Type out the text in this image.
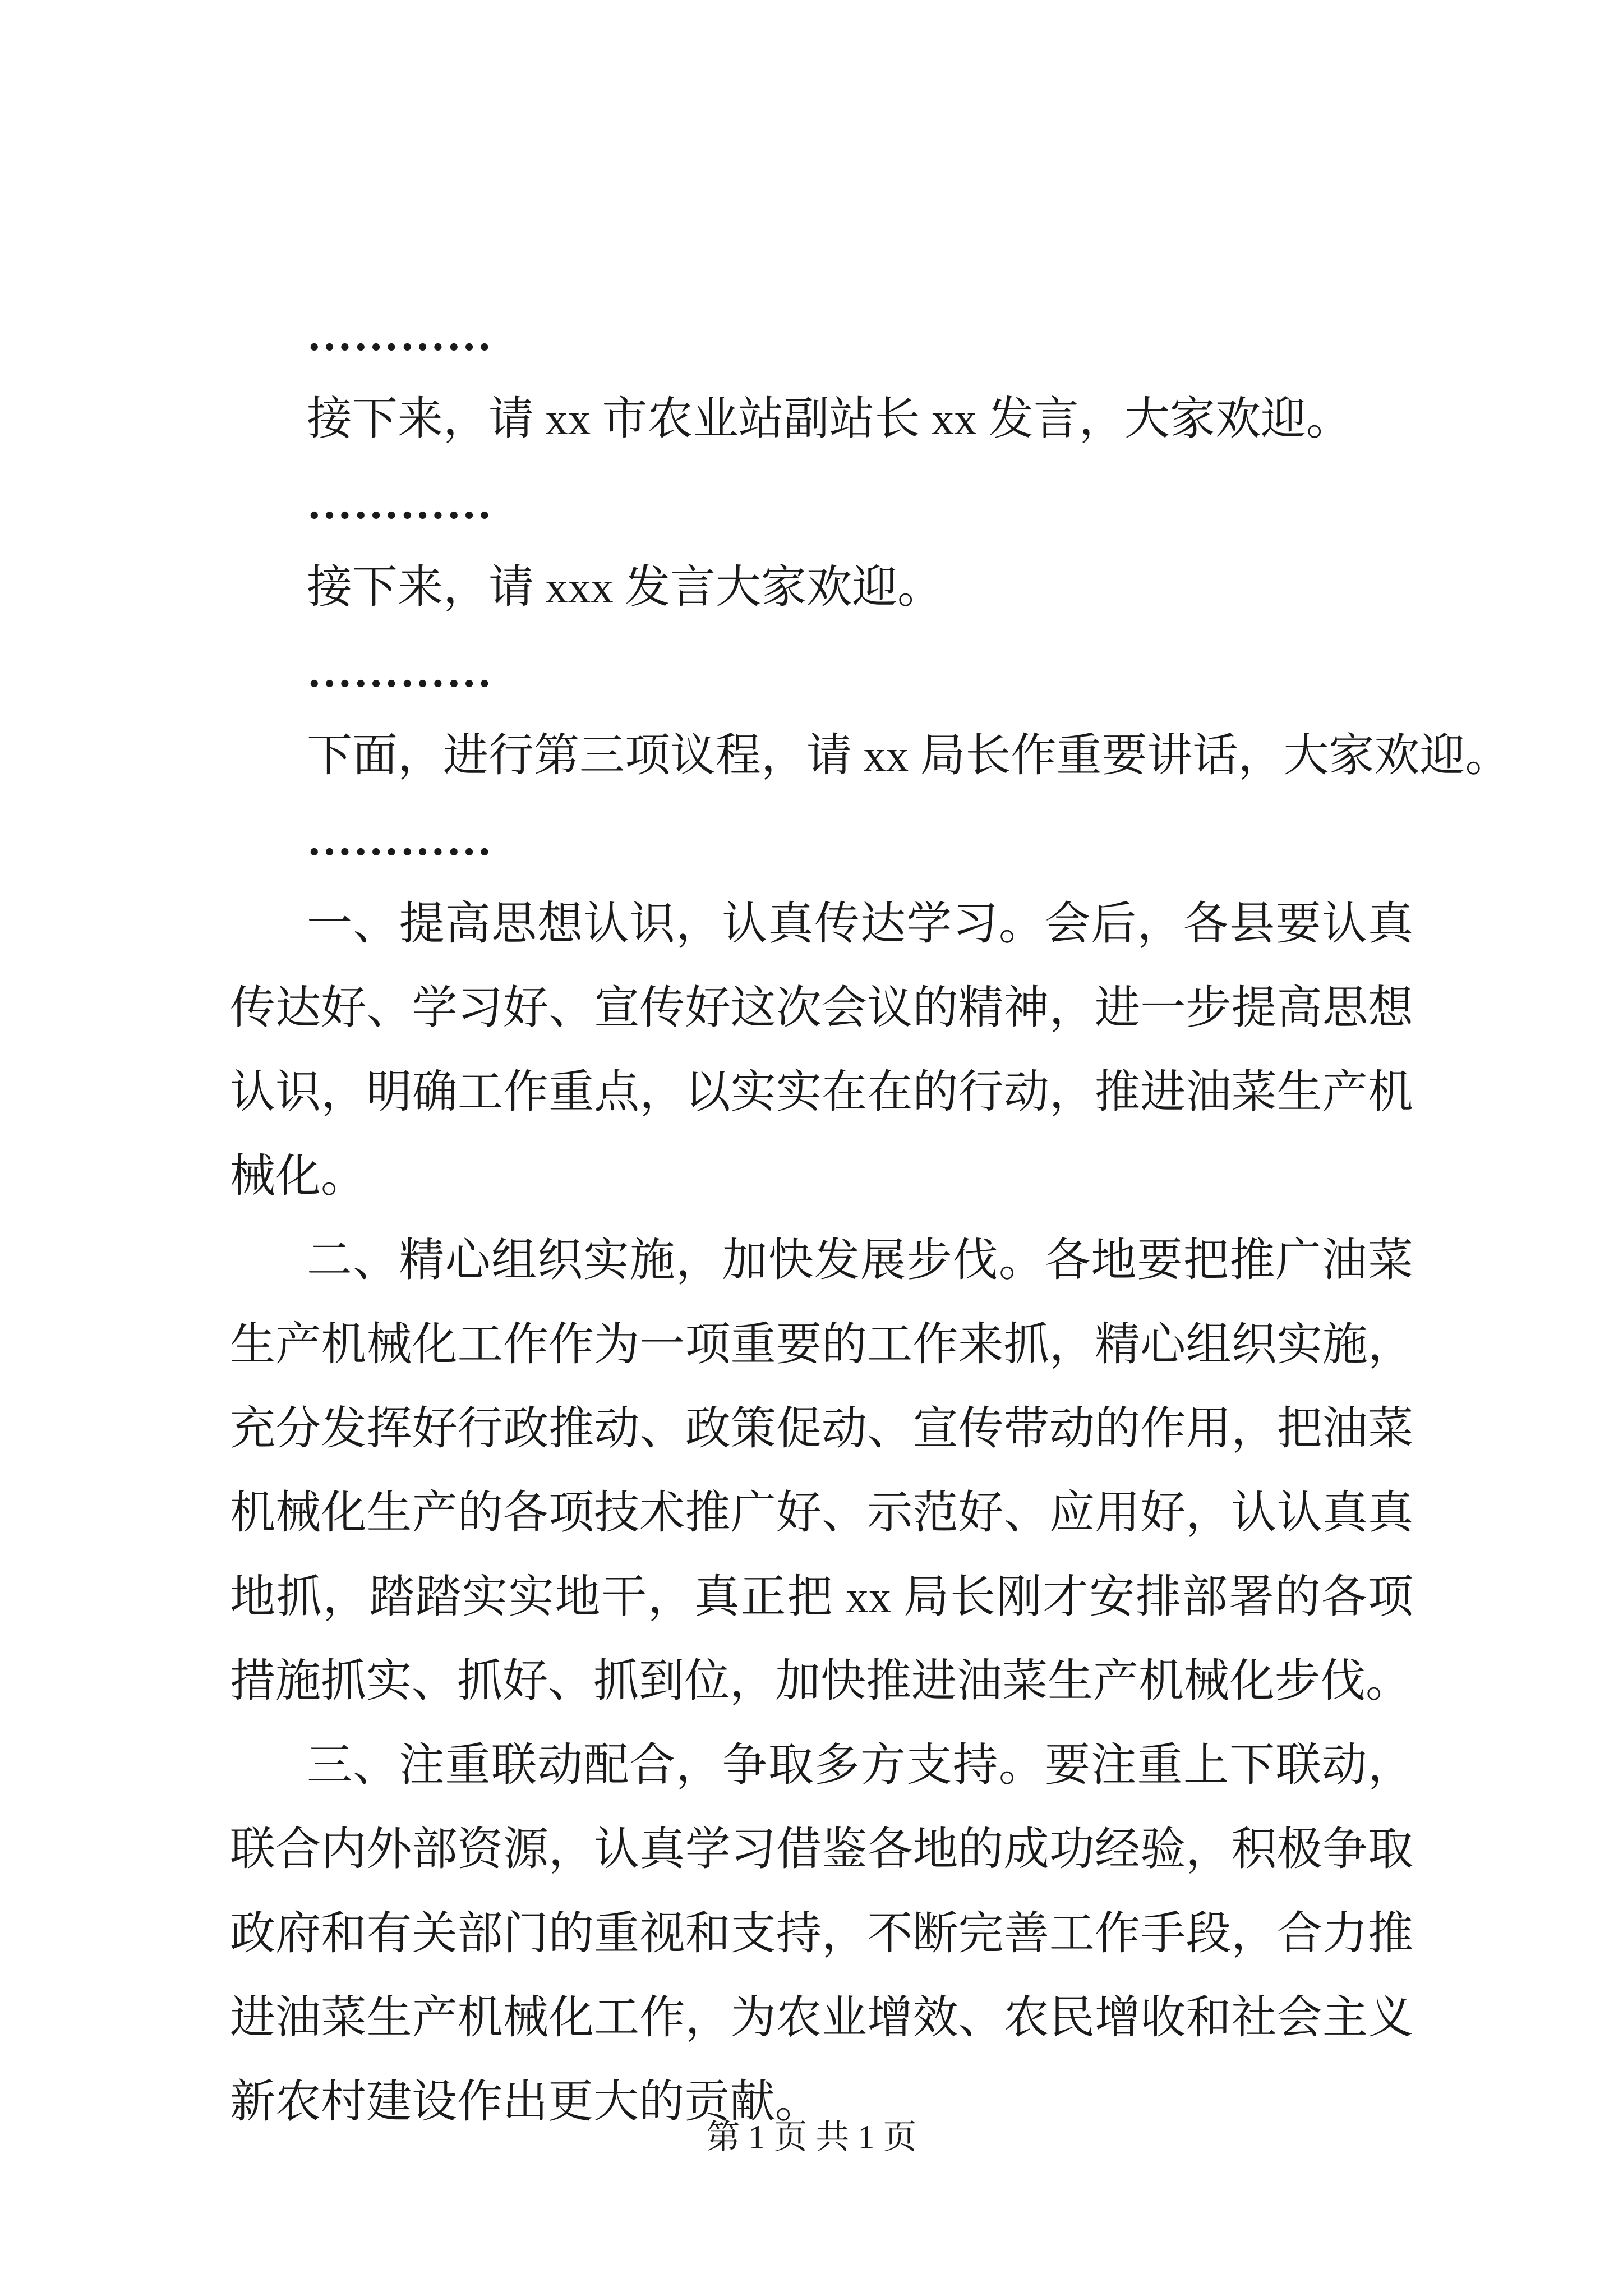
…………

接下来，请 xx 市农业站副站长 xx 发言，大家欢迎。

…………

接下来，请 xxx 发言大家欢迎。

…………

下面，进行第三项议程，请 xx 局长作重要讲话，大家欢迎。

…………

一、提高思想认识，认真传达学习。会后，各县要认真传达好、学习好、宣传好这次会议的精神，进一步提高思想认识，明确工作重点，以实实在在的行动，推进油菜生产机械化。

二、精心组织实施，加快发展步伐。各地要把推广油菜生产机械化工作作为一项重要的工作来抓，精心组织实施，充分发挥好行政推动、政策促动、宣传带动的作用，把油菜机械化生产的各项技术推广好、示范好、应用好，认认真真地抓，踏踏实实地干，真正把 xx 局长刚才安排部署的各项措施抓实、抓好、抓到位，加快推进油菜生产机械化步伐。

三、注重联动配合，争取多方支持。要注重上下联动，联合内外部资源，认真学习借鉴各地的成功经验，积极争取政府和有关部门的重视和支持，不断完善工作手段，合力推进油菜生产机械化工作，为农业增效、农民增收和社会主义新农村建设作出更大的贡献。

第 1 页 共 1 页
